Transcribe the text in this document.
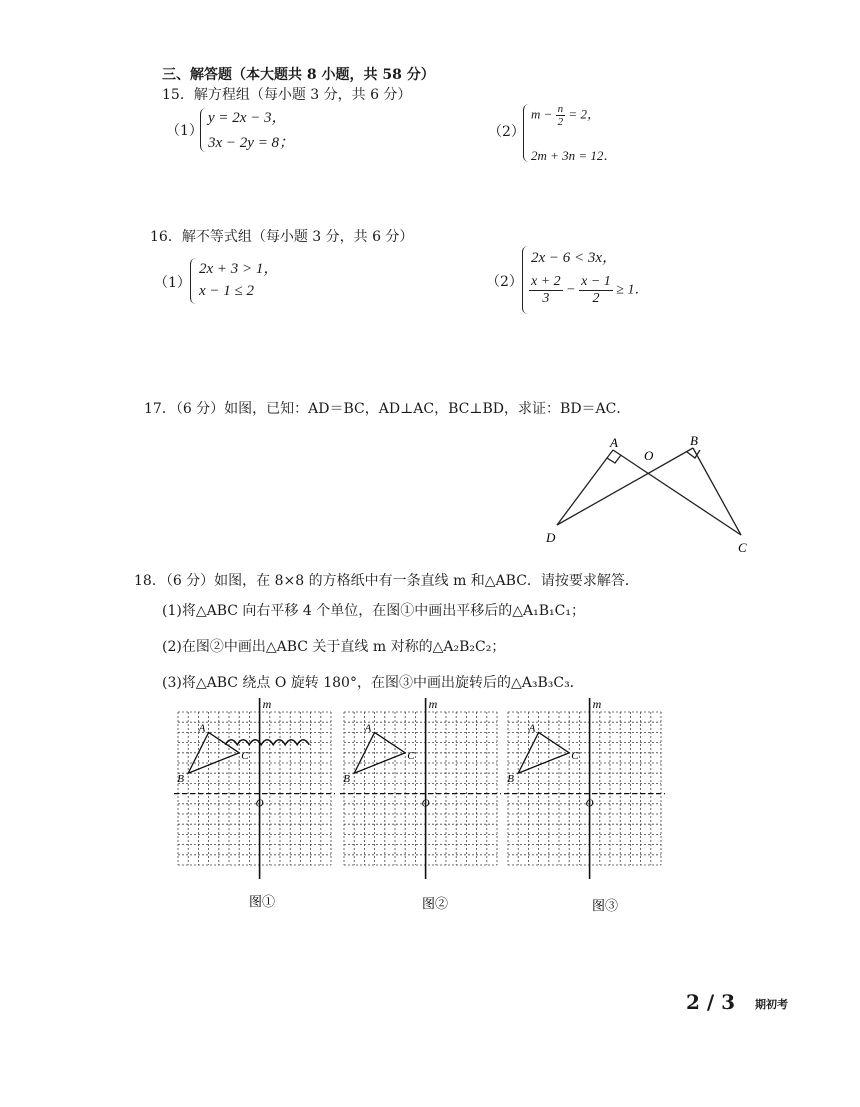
三、解答题（本大题共 8 小题，共 58 分）
15．解方程组（每小题 3 分，共 6 分）
（1）
y = 2x − 3，
3x − 2y = 8；
（2）
$m - \frac{n}{2} = 2$，
2m + 3n = 12．
16．解不等式组（每小题 3 分，共 6 分）
（1）
2x + 3 > 1，
x − 1 ≤ 2
（2）
2x − 6 < 3x，
$\frac{x + 2}{3} - \frac{x - 1}{2} \ge 1$．
17．（6 分）如图，已知：AD＝BC，AD⊥AC，BC⊥BD，求证：BD＝AC．
A	B
O
D
C
18．（6 分）如图，在 8×8 的方格纸中有一条直线 m 和△ABC．请按要求解答．
(1)将△ABC 向右平移 4 个单位，在图①中画出平移后的△A₁B₁C₁；
(2)在图②中画出△ABC 关于直线 m 对称的△A₂B₂C₂；
(3)将△ABC 绕点 O 旋转 180°，在图③中画出旋转后的△A₃B₃C₃．
m
O
A
B
C
m
O
A
B
C
m
O
A
B
C
图①	图②	图③
2 / 3 期初考
